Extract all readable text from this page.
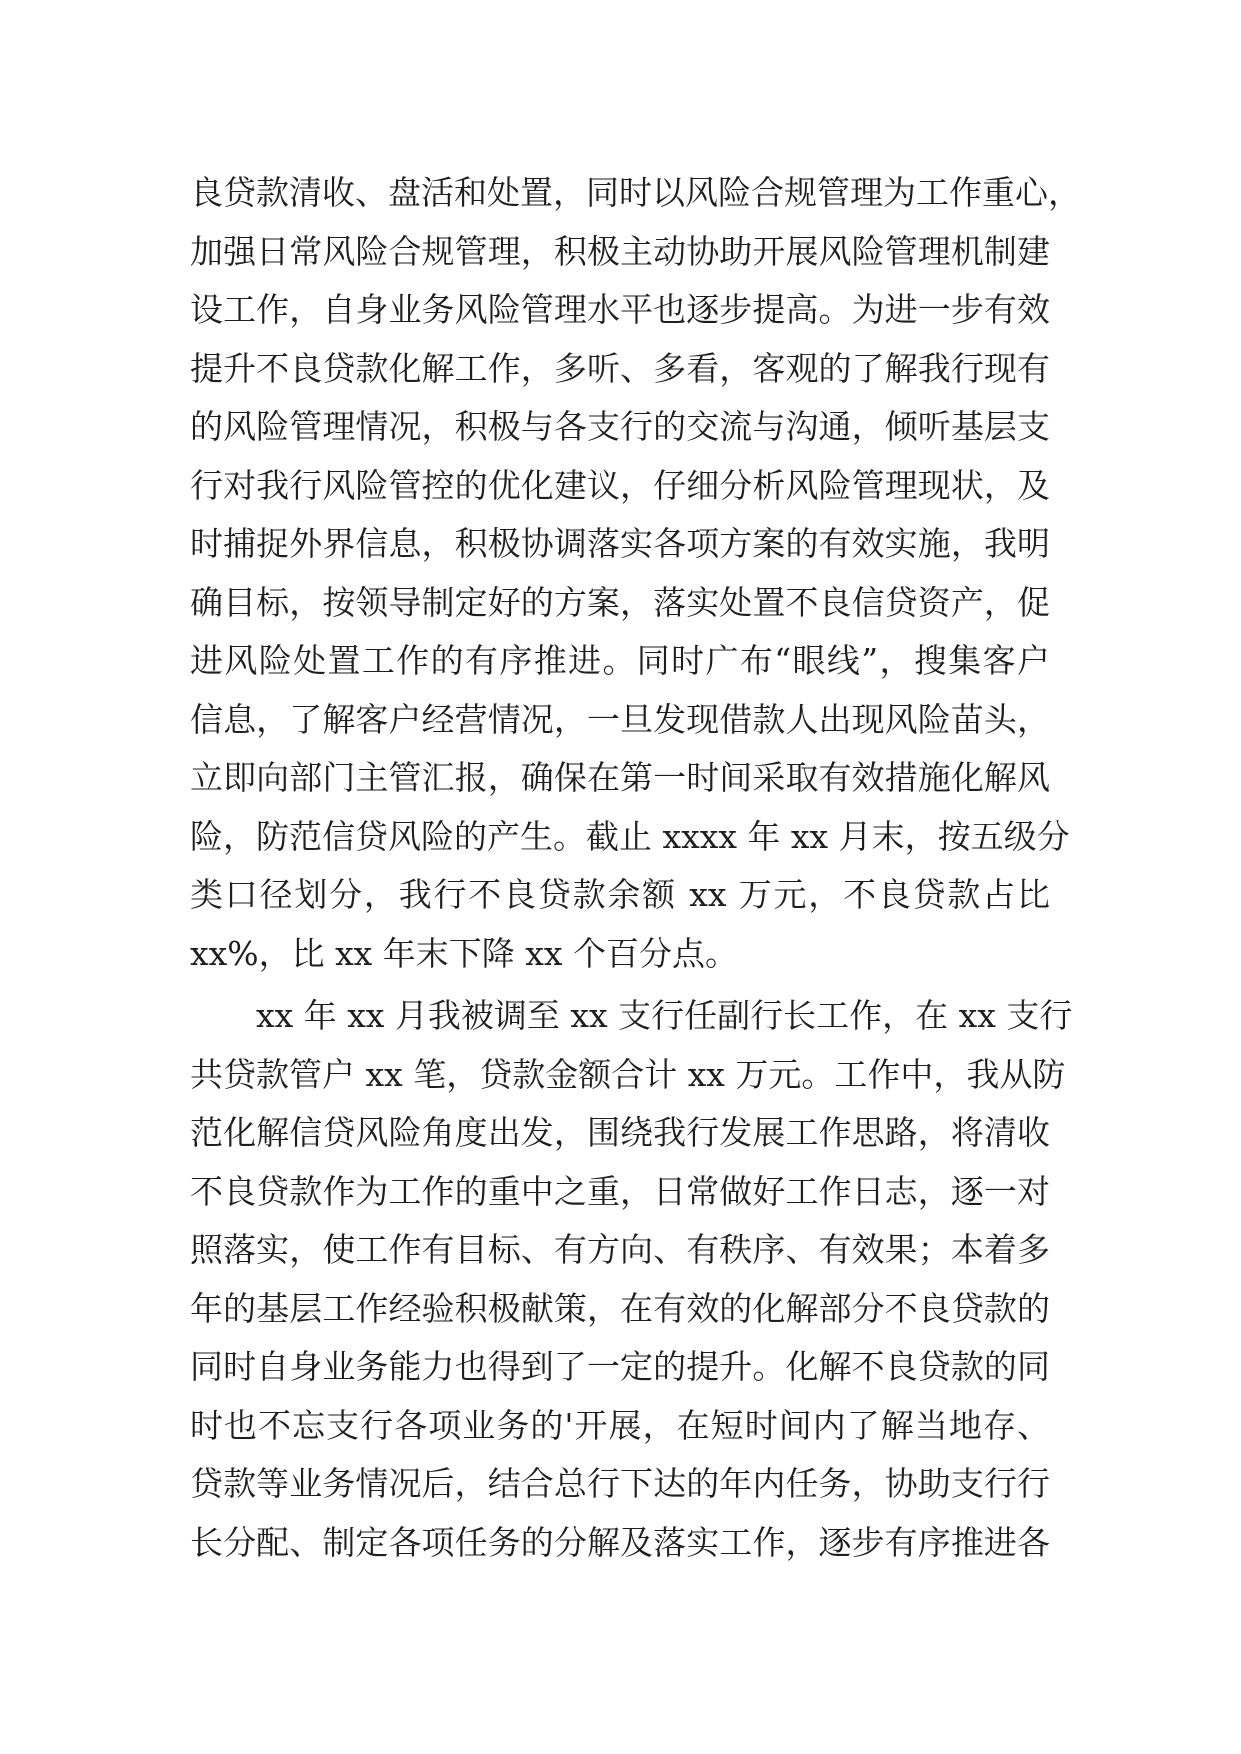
良贷款清收、盘活和处置，同时以风险合规管理为工作重心，
加强日常风险合规管理，积极主动协助开展风险管理机制建
设工作，自身业务风险管理水平也逐步提高。为进一步有效
提升不良贷款化解工作，多听、多看，客观的了解我行现有
的风险管理情况，积极与各支行的交流与沟通，倾听基层支
行对我行风险管控的优化建议，仔细分析风险管理现状，及
时捕捉外界信息，积极协调落实各项方案的有效实施，我明
确目标，按领导制定好的方案，落实处置不良信贷资产，促
进风险处置工作的有序推进。同时广布“眼线”，搜集客户
信息，了解客户经营情况，一旦发现借款人出现风险苗头，
立即向部门主管汇报，确保在第一时间采取有效措施化解风
险，防范信贷风险的产生。截止 xxxx 年 xx 月末，按五级分
类口径划分，我行不良贷款余额 xx 万元，不良贷款占比
xx%，比 xx 年末下降 xx 个百分点。
xx 年 xx 月我被调至 xx 支行任副行长工作，在 xx 支行
共贷款管户 xx 笔，贷款金额合计 xx 万元。工作中，我从防
范化解信贷风险角度出发，围绕我行发展工作思路，将清收
不良贷款作为工作的重中之重，日常做好工作日志，逐一对
照落实，使工作有目标、有方向、有秩序、有效果；本着多
年的基层工作经验积极献策，在有效的化解部分不良贷款的
同时自身业务能力也得到了一定的提升。化解不良贷款的同
时也不忘支行各项业务的'开展，在短时间内了解当地存、
贷款等业务情况后，结合总行下达的年内任务，协助支行行
长分配、制定各项任务的分解及落实工作，逐步有序推进各
